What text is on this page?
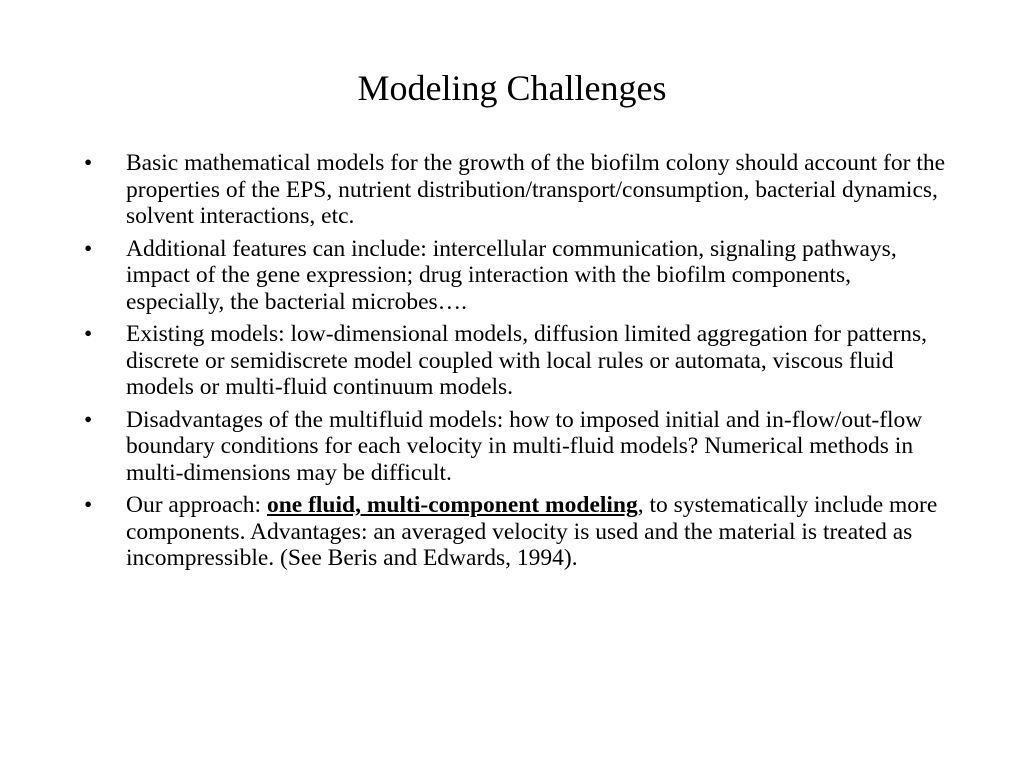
Modeling Challenges
• Basic mathematical models for the growth of the biofilm colony should account for the properties of the EPS, nutrient distribution/transport/consumption, bacterial dynamics, solvent interactions, etc.
• Additional features can include: intercellular communication, signaling pathways, impact of the gene expression; drug interaction with the biofilm components, especially, the bacterial microbes….
• Existing models: low-dimensional models, diffusion limited aggregation for patterns, discrete or semidiscrete model coupled with local rules or automata, viscous fluid models or multi-fluid continuum models.
• Disadvantages of the multifluid models: how to imposed initial and in-flow/out-flow boundary conditions for each velocity in multi-fluid models? Numerical methods in multi-dimensions may be difficult.
• Our approach: one fluid, multi-component modeling, to systematically include more components. Advantages: an averaged velocity is used and the material is treated as incompressible. (See Beris and Edwards, 1994).
